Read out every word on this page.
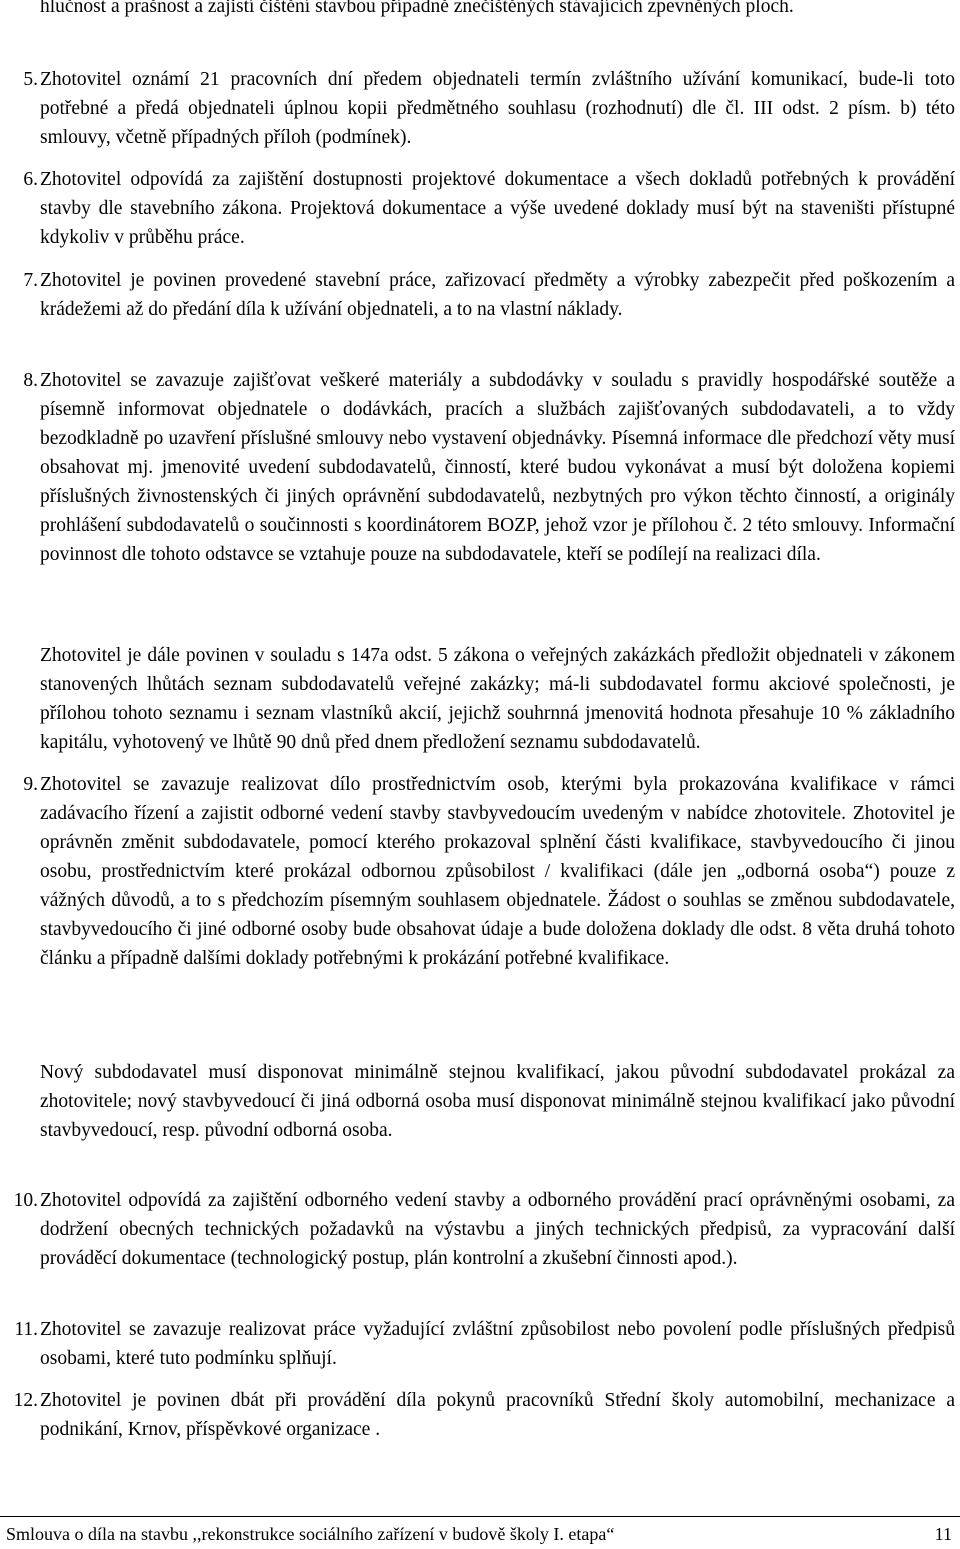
hlučnost a prašnost a zajistí čištění stavbou případně znečištěných stávajících zpevněných ploch.
5. Zhotovitel oznámí 21 pracovních dní předem objednateli termín zvláštního užívání komunikací, bude-li toto potřebné a předá objednateli úplnou kopii předmětného souhlasu (rozhodnutí) dle čl. III odst. 2 písm. b) této smlouvy, včetně případných příloh (podmínek).
6. Zhotovitel odpovídá za zajištění dostupnosti projektové dokumentace a všech dokladů potřebných k provádění stavby dle stavebního zákona. Projektová dokumentace a výše uvedené doklady musí být na staveništi přístupné kdykoliv v průběhu práce.
7. Zhotovitel je povinen provedené stavební práce, zařizovací předměty a výrobky zabezpečit před poškozením a krádežemi až do předání díla k užívání objednateli, a to na vlastní náklady.
8. Zhotovitel se zavazuje zajišťovat veškeré materiály a subdodávky v souladu s pravidly hospodářské soutěže a písemně informovat objednatele o dodávkách, pracích a službách zajišťovaných subdodavateli, a to vždy bezodkladně po uzavření příslušné smlouvy nebo vystavení objednávky. Písemná informace dle předchozí věty musí obsahovat mj. jmenovité uvedení subdodavatelů, činností, které budou vykonávat a musí být doložena kopiemi příslušných živnostenských či jiných oprávnění subdodavatelů, nezbytných pro výkon těchto činností, a originály prohlášení subdodavatelů o součinnosti s koordinátorem BOZP, jehož vzor je přílohou č. 2 této smlouvy. Informační povinnost dle tohoto odstavce se vztahuje pouze na subdodavatele, kteří se podílejí na realizaci díla.
Zhotovitel je dále povinen v souladu s 147a odst. 5 zákona o veřejných zakázkách předložit objednateli v zákonem stanovených lhůtách seznam subdodavatelů veřejné zakázky; má-li subdodavatel formu akciové společnosti, je přílohou tohoto seznamu i seznam vlastníků akcií, jejichž souhrnná jmenovitá hodnota přesahuje 10 % základního kapitálu, vyhotovený ve lhůtě 90 dnů před dnem předložení seznamu subdodavatelů.
9. Zhotovitel se zavazuje realizovat dílo prostřednictvím osob, kterými byla prokazována kvalifikace v rámci zadávacího řízení a zajistit odborné vedení stavby stavbyvedoucím uvedeným v nabídce zhotovitele. Zhotovitel je oprávněn změnit subdodavatele, pomocí kterého prokazoval splnění části kvalifikace, stavbyvedoucího či jinou osobu, prostřednictvím které prokázal odbornou způsobilost / kvalifikaci (dále jen „odborná osoba“) pouze z vážných důvodů, a to s předchozím písemným souhlasem objednatele. Žádost o souhlas se změnou subdodavatele, stavbyvedoucího či jiné odborné osoby bude obsahovat údaje a bude doložena doklady dle odst. 8 věta druhá tohoto článku a případně dalšími doklady potřebnými k prokázání potřebné kvalifikace.
Nový subdodavatel musí disponovat minimálně stejnou kvalifikací, jakou původní subdodavatel prokázal za zhotovitele; nový stavbyvedoucí či jiná odborná osoba musí disponovat minimálně stejnou kvalifikací jako původní stavbyvedoucí, resp. původní odborná osoba.
10. Zhotovitel odpovídá za zajištění odborného vedení stavby a odborného provádění prací oprávněnými osobami, za dodržení obecných technických požadavků na výstavbu a jiných technických předpisů, za vypracování další prováděcí dokumentace (technologický postup, plán kontrolní a zkušební činnosti apod.).
11. Zhotovitel se zavazuje realizovat práce vyžadující zvláštní způsobilost nebo povolení podle příslušných předpisů osobami, které tuto podmínku splňují.
12. Zhotovitel je povinen dbát při provádění díla pokynů pracovníků Střední školy automobilní, mechanizace a podnikání, Krnov, příspěvkové organizace .
Smlouva o díla na stavbu ,,rekonstrukce sociálního zařízení v budově školy I. etapa“	11
